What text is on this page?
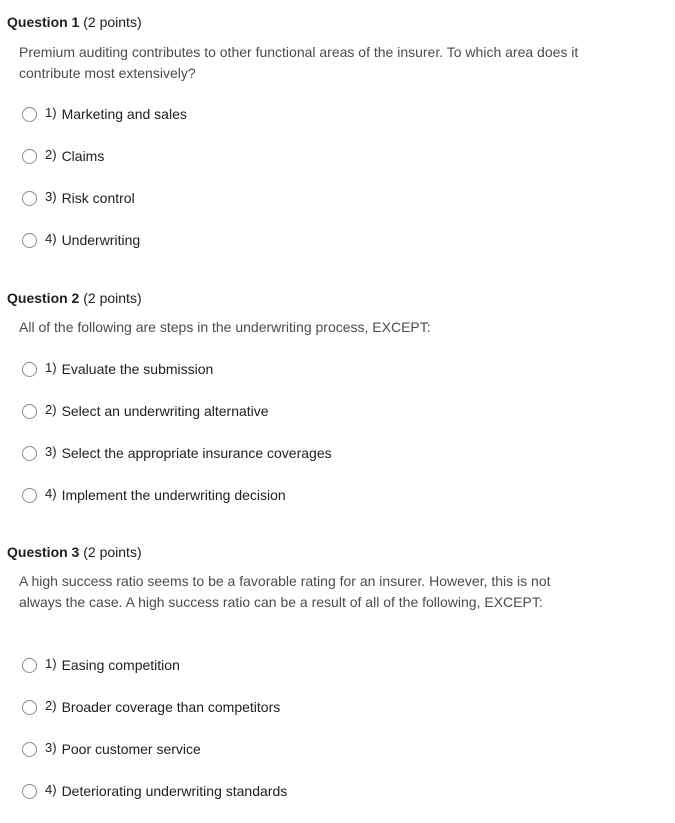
Question 1 (2 points)
Premium auditing contributes to other functional areas of the insurer. To which area does it contribute most extensively?
1) Marketing and sales
2) Claims
3) Risk control
4) Underwriting
Question 2 (2 points)
All of the following are steps in the underwriting process, EXCEPT:
1) Evaluate the submission
2) Select an underwriting alternative
3) Select the appropriate insurance coverages
4) Implement the underwriting decision
Question 3 (2 points)
A high success ratio seems to be a favorable rating for an insurer. However, this is not always the case. A high success ratio can be a result of all of the following, EXCEPT:
1) Easing competition
2) Broader coverage than competitors
3) Poor customer service
4) Deteriorating underwriting standards
